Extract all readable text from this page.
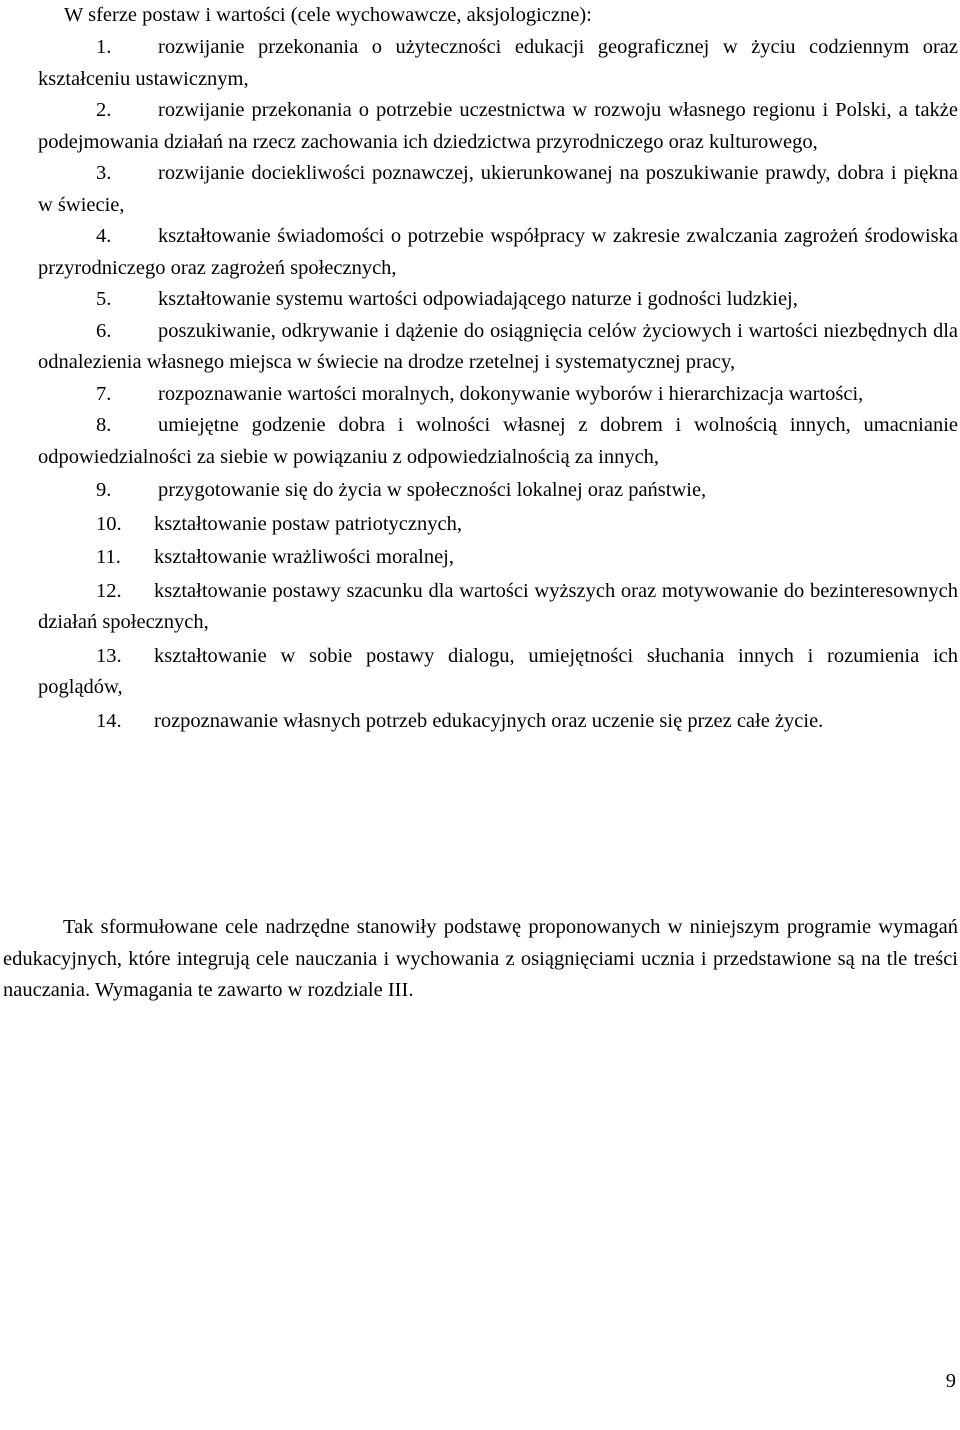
W sferze postaw i wartości (cele wychowawcze, aksjologiczne):

1. rozwijanie przekonania o użyteczności edukacji geograficznej w życiu codziennym oraz kształceniu ustawicznym,
2. rozwijanie przekonania o potrzebie uczestnictwa w rozwoju własnego regionu i Polski, a także podejmowania działań na rzecz zachowania ich dziedzictwa przyrodniczego oraz kulturowego,
3. rozwijanie dociekliwości poznawczej, ukierunkowanej na poszukiwanie prawdy, dobra i piękna w świecie,
4. kształtowanie świadomości o potrzebie współpracy w zakresie zwalczania zagrożeń środowiska przyrodniczego oraz zagrożeń społecznych,
5. kształtowanie systemu wartości odpowiadającego naturze i godności ludzkiej,
6. poszukiwanie, odkrywanie i dążenie do osiągnięcia celów życiowych i wartości niezbędnych dla odnalezienia własnego miejsca w świecie na drodze rzetelnej i systematycznej pracy,
7. rozpoznawanie wartości moralnych, dokonywanie wyborów i hierarchizacja wartości,
8. umiejętne godzenie dobra i wolności własnej z dobrem i wolnością innych, umacnianie odpowiedzialności za siebie w powiązaniu z odpowiedzialnością za innych,
9. przygotowanie się do życia w społeczności lokalnej oraz państwie,
10. kształtowanie postaw patriotycznych,
11. kształtowanie wrażliwości moralnej,
12. kształtowanie postawy szacunku dla wartości wyższych oraz motywowanie do bezinteresownych działań społecznych,
13. kształtowanie w sobie postawy dialogu, umiejętności słuchania innych i rozumienia ich poglądów,
14. rozpoznawanie własnych potrzeb edukacyjnych oraz uczenie się przez całe życie.

Tak sformułowane cele nadrzędne stanowiły podstawę proponowanych w niniejszym programie wymagań edukacyjnych, które integrują cele nauczania i wychowania z osiągnięciami ucznia i przedstawione są na tle treści nauczania. Wymagania te zawarto w rozdziale III.

9
